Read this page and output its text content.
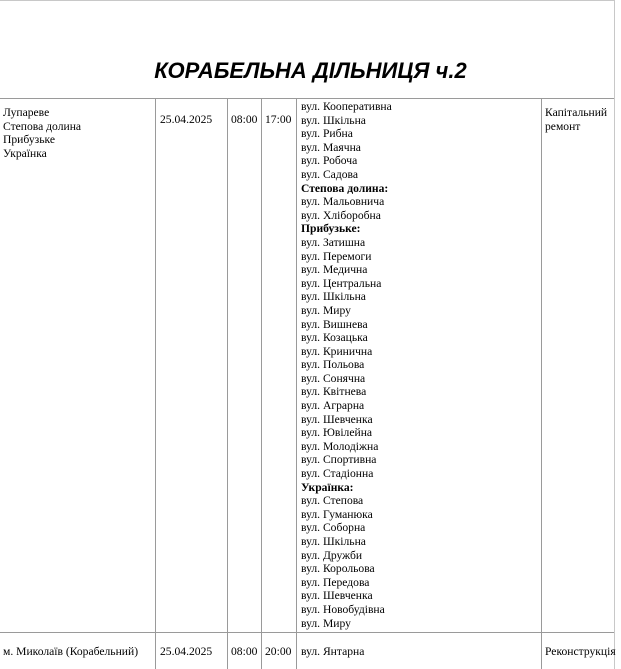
КОРАБЕЛЬНА ДІЛЬНИЦЯ ч.2
Лупареве
Степова долина
Прибузьке
Українка
25.04.2025 08:00 17:00
вул. Кооперативна
вул. Шкільна
вул. Рибна
вул. Маячна
вул. Робоча
вул. Садова
Степова долина:
вул. Мальовнича
вул. Хліборобна
Прибузьке:
вул. Затишна
вул. Перемоги
вул. Медична
вул. Центральна
вул. Шкільна
вул. Миру
вул. Вишнева
вул. Козацька
вул. Кринична
вул. Польова
вул. Сонячна
вул. Квітнева
вул. Аграрна
вул. Шевченка
вул. Ювілейна
вул. Молодіжна
вул. Спортивна
вул. Стадіонна
Українка:
вул. Степова
вул. Гуманюка
вул. Соборна
вул. Шкільна
вул. Дружби
вул. Корольова
вул. Передова
вул. Шевченка
вул. Новобудівна
вул. Миру
Капітальний
ремонт
м. Миколаїв (Корабельний) 25.04.2025 08:00 20:00 вул. Янтарна	Реконструкція
